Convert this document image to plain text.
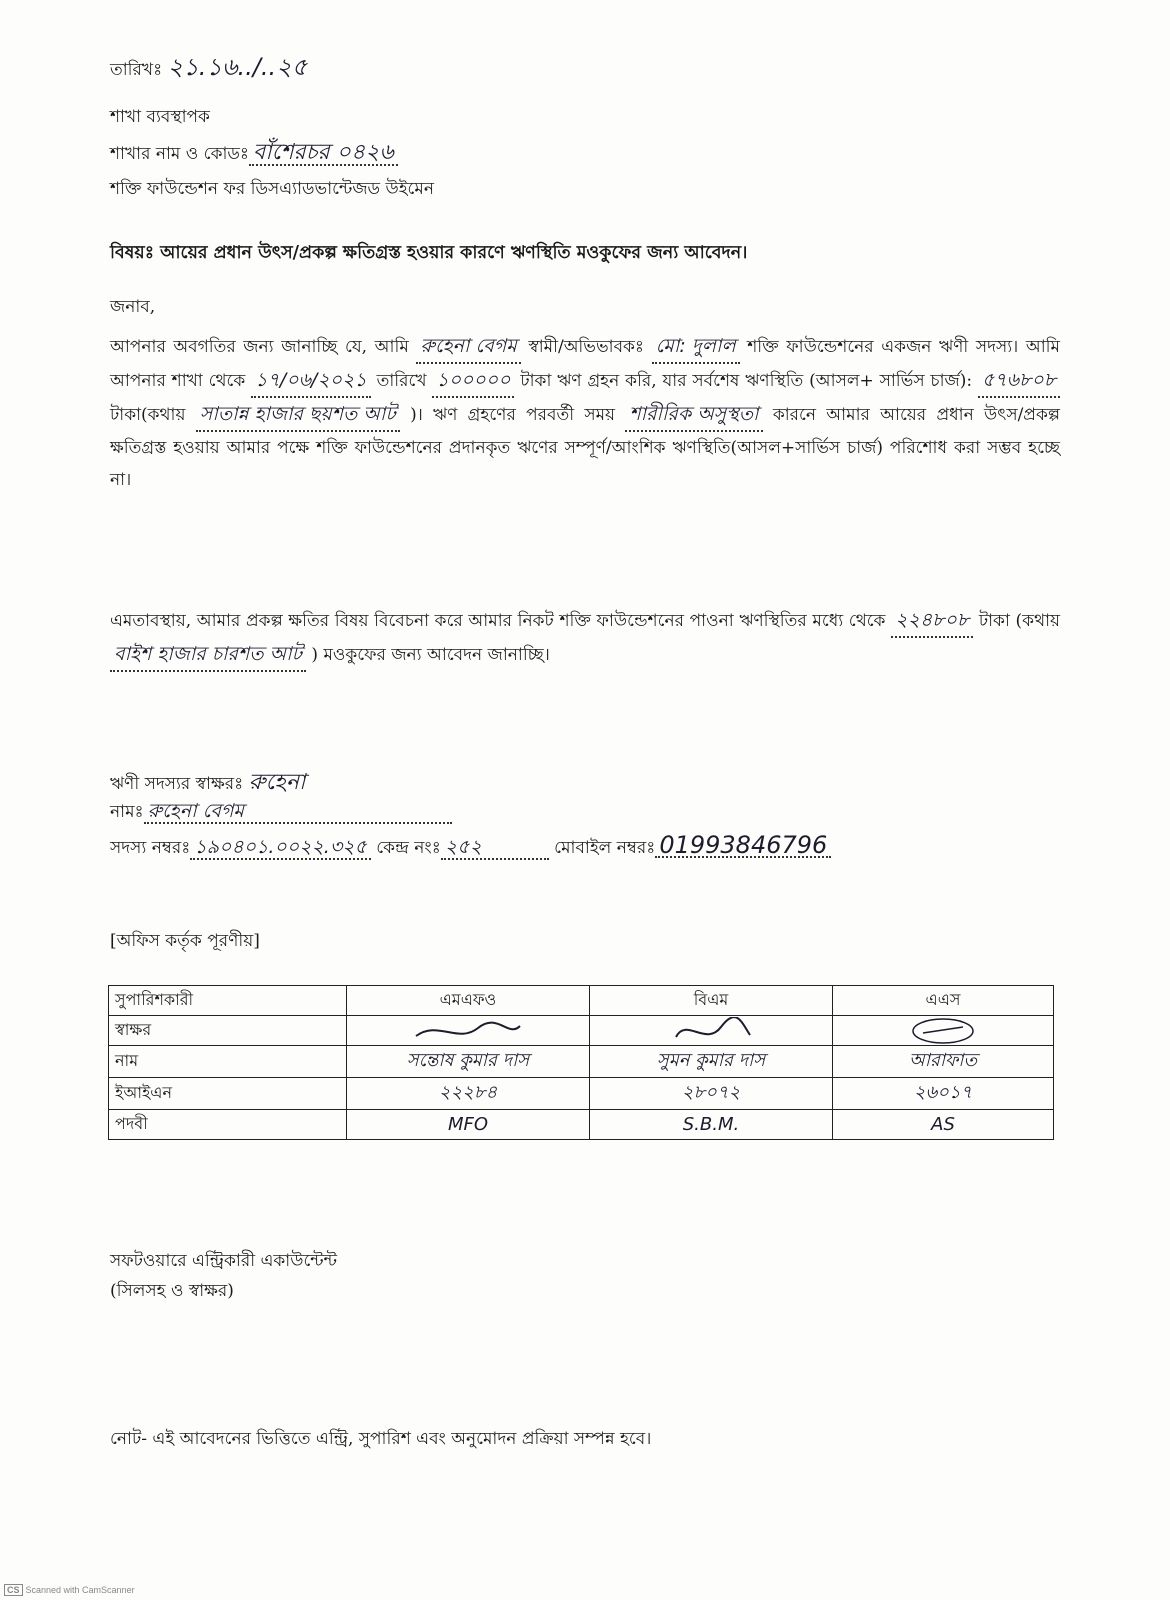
তারিখঃ ২১.১৬../..২৫
শাখা ব্যবস্থাপক
শাখার নাম ও কোডঃ বাঁশেরচর ০৪২৬
শক্তি ফাউন্ডেশন ফর ডিসএ্যাডভান্টেজড উইমেন
বিষয়ঃ আয়ের প্রধান উৎস/প্রকল্প ক্ষতিগ্রস্ত হওয়ার কারণে ঋণস্থিতি মওকুফের জন্য আবেদন।
জনাব,
আপনার অবগতির জন্য জানাচ্ছি যে, আমি রুহেনা বেগম স্বামী/অভিভাবকঃ মো: দুলাল শক্তি ফাউন্ডেশনের একজন ঋণী সদস্য। আমি আপনার শাখা থেকে ১৭/০৬/২০২১ তারিখে ১০০০০০ টাকা ঋণ গ্রহন করি, যার সর্বশেষ ঋণস্থিতি (আসল+ সার্ভিস চার্জ): ৫৭৬৮০৮ টাকা(কথায় সাতান্ন হাজার ছয়শত আট )। ঋণ গ্রহণের পরবর্তী সময় শারীরিক অসুস্থতা কারনে আমার আয়ের প্রধান উৎস/প্রকল্প ক্ষতিগ্রস্ত হওয়ায় আমার পক্ষে শক্তি ফাউন্ডেশনের প্রদানকৃত ঋণের সম্পূর্ণ/আংশিক ঋণস্থিতি(আসল+সার্ভিস চার্জ) পরিশোধ করা সম্ভব হচ্ছে না।
এমতাবস্থায়, আমার প্রকল্প ক্ষতির বিষয় বিবেচনা করে আমার নিকট শক্তি ফাউন্ডেশনের পাওনা ঋণস্থিতির মধ্যে থেকে ২২৪৮০৮ টাকা (কথায় বাইশ হাজার চারশত আট ) মওকুফের জন্য আবেদন জানাচ্ছি।
ঋণী সদস্যর স্বাক্ষরঃ রুহেনা
নামঃ রুহেনা বেগম
সদস্য নম্বরঃ ১৯০৪০১.০০২২.৩২৫ কেন্দ্র নংঃ ২৫২	মোবাইল নম্বরঃ 01993846796
[অফিস কর্তৃক পূরণীয়]
সুপারিশকারী	এমএফও	বিএম	এএস
স্বাক্ষর			
নাম	সন্তোষ কুমার দাস	সুমন কুমার দাস	আরাফাত
ইআইএন	২২২৮৪	২৮০৭২	২৬০১৭
পদবী	MFO	S.B.M.	AS
সফটওয়ারে এন্ট্রিকারী একাউন্টেন্ট
(সিলসহ ও স্বাক্ষর)
নোট- এই আবেদনের ভিত্তিতে এন্ট্রি, সুপারিশ এবং অনুমোদন প্রক্রিয়া সম্পন্ন হবে।
CS Scanned with CamScanner
